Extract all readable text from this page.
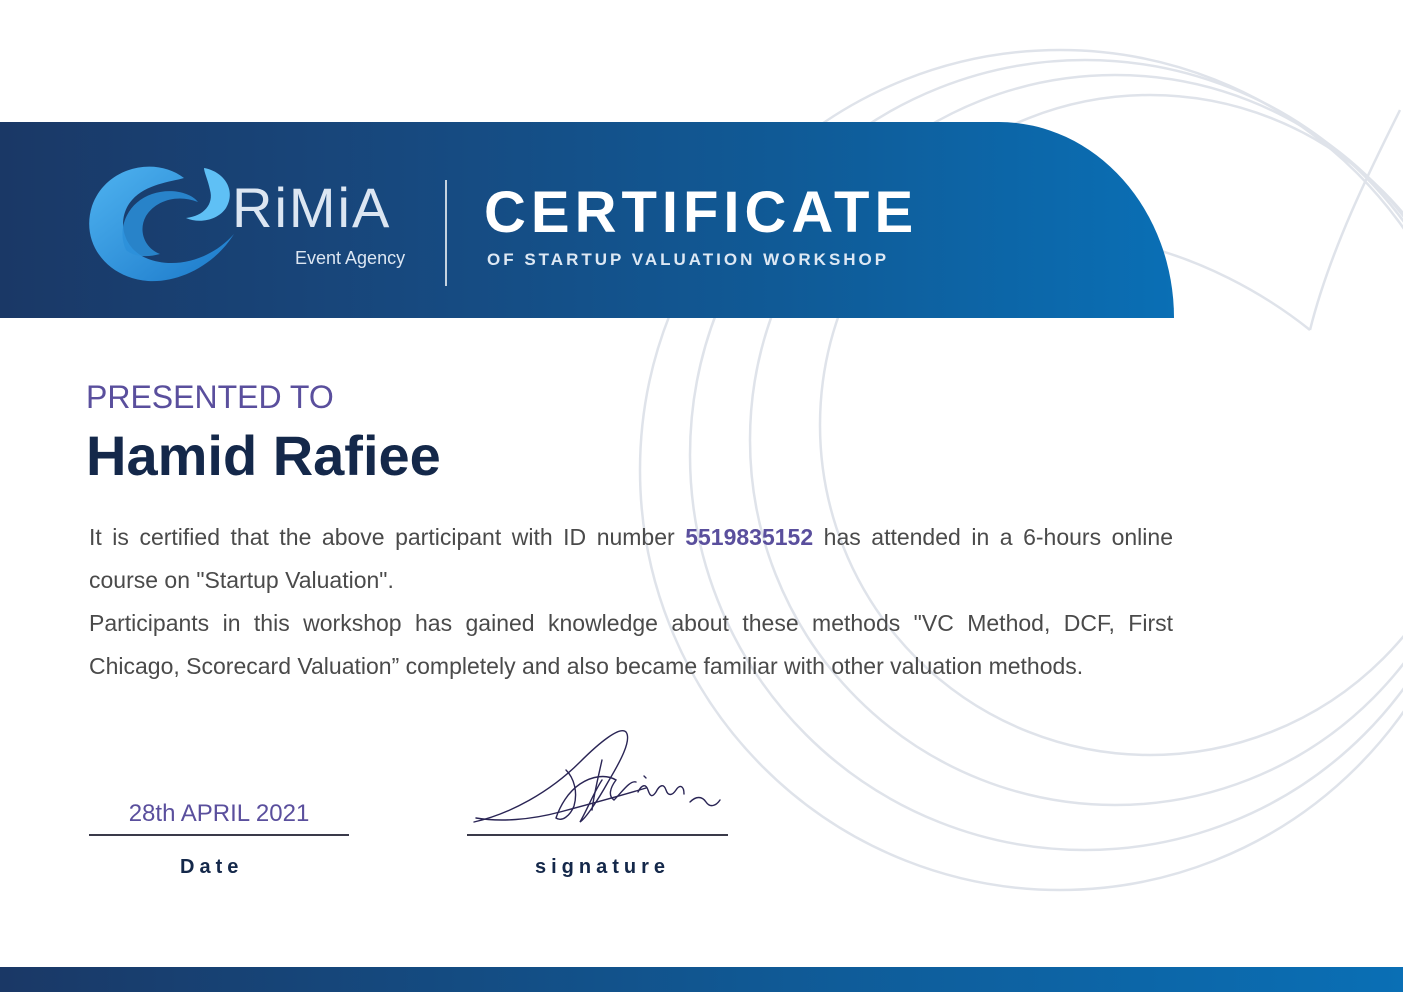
RiMiA
Event Agency
CERTIFICATE
OF STARTUP VALUATION WORKSHOP
PRESENTED TO
Hamid Rafiee

It is certified that the above participant with ID number 5519835152 has attended in a 6-hours online course on "Startup Valuation".

Participants in this workshop has gained knowledge about these methods "VC Method, DCF, First Chicago, Scorecard Valuation” completely and also became familiar with other valuation methods.

28th APRIL 2021
Date	signature
